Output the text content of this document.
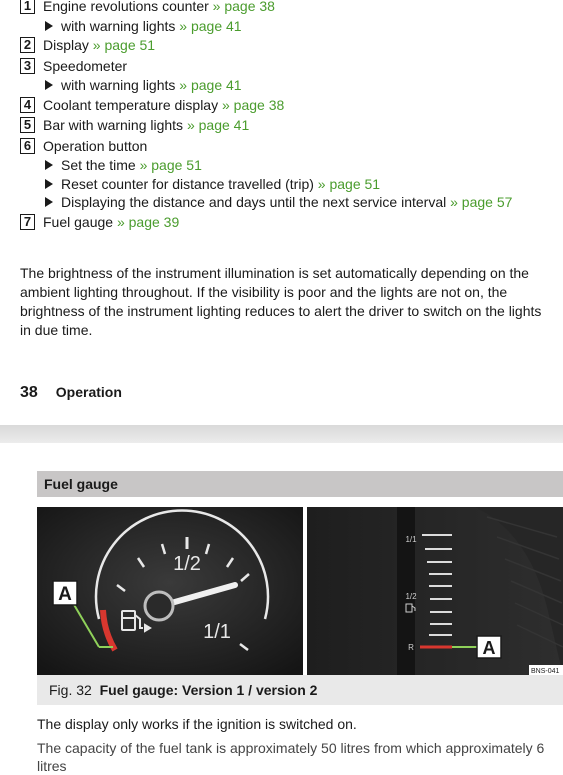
1 Engine revolutions counter » page 38
with warning lights » page 41
2 Display » page 51
3 Speedometer
with warning lights » page 41
4 Coolant temperature display » page 38
5 Bar with warning lights » page 41
6 Operation button
Set the time » page 51
Reset counter for distance travelled (trip) » page 51
Displaying the distance and days until the next service interval » page 57
7 Fuel gauge » page 39

The brightness of the instrument illumination is set automatically depending on the ambient lighting throughout. If the visibility is poor and the lights are not on, the brightness of the instrument lighting reduces to alert the driver to switch on the lights in due time.

38 Operation
Fuel gauge
1/2
1/1
A
1/1
1/2
R	A
BNS-041
Fig. 32 Fuel gauge: Version 1 / version 2

The display only works if the ignition is switched on.

The capacity of the fuel tank is approximately 50 litres from which approximately 6 litres
